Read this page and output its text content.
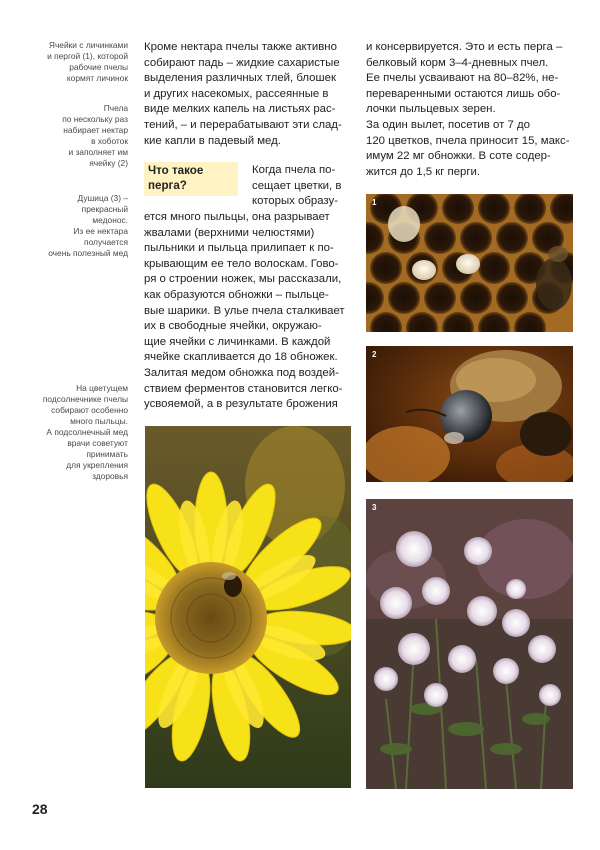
Ячейки с личинками
и пергой (1), которой
рабочие пчелы
кормят личинок
Пчела
по нескольку раз
набирает нектар
в хоботок
и заполняет им
ячейку (2)
Душица (3) –
прекрасный
медонос.
Из ее нектара
получается
очень полезный мед
На цветущем
подсолнечнике пчелы
собирают особенно
много пыльцы.
А подсолнечный мед
врачи советуют
принимать
для укрепления
здоровья
Кроме нектара пчелы также активно
собирают падь – жидкие сахаристые
выделения различных тлей, блошек
и других насекомых, рассеянные в
виде мелких капель на листьях рас-
тений, – и перерабатывают эти слад-
кие капли в падевый мед.
Что такое
перга?
Когда пчела по-
сещает цветки, в
которых образу-
ется много пыльцы, она разрывает
жвалами (верхними челюстями)
пыльники и пыльца прилипает к по-
крывающим ее тело волоскам. Гово-
ря о строении ножек, мы рассказали,
как образуются обножки – пыльце-
вые шарики. В улье пчела сталкивает
их в свободные ячейки, окружаю-
щие ячейки с личинками. В каждой
ячейке скапливается до 18 обножек.
Залитая медом обножка под воздей-
ствием ферментов становится легко-
усвояемой, а в результате брожения
и консервируется. Это и есть перга –
белковый корм 3–4-дневных пчел.
Ее пчелы усваивают на 80–82%, не-
переваренными остаются лишь обо-
лочки пыльцевых зерен.
За один вылет, посетив от 7 до
120 цветков, пчела приносит 15, макс-
имум 22 мг обножки. В соте содер-
жится до 1,5 кг перги.
1
2
3
28
